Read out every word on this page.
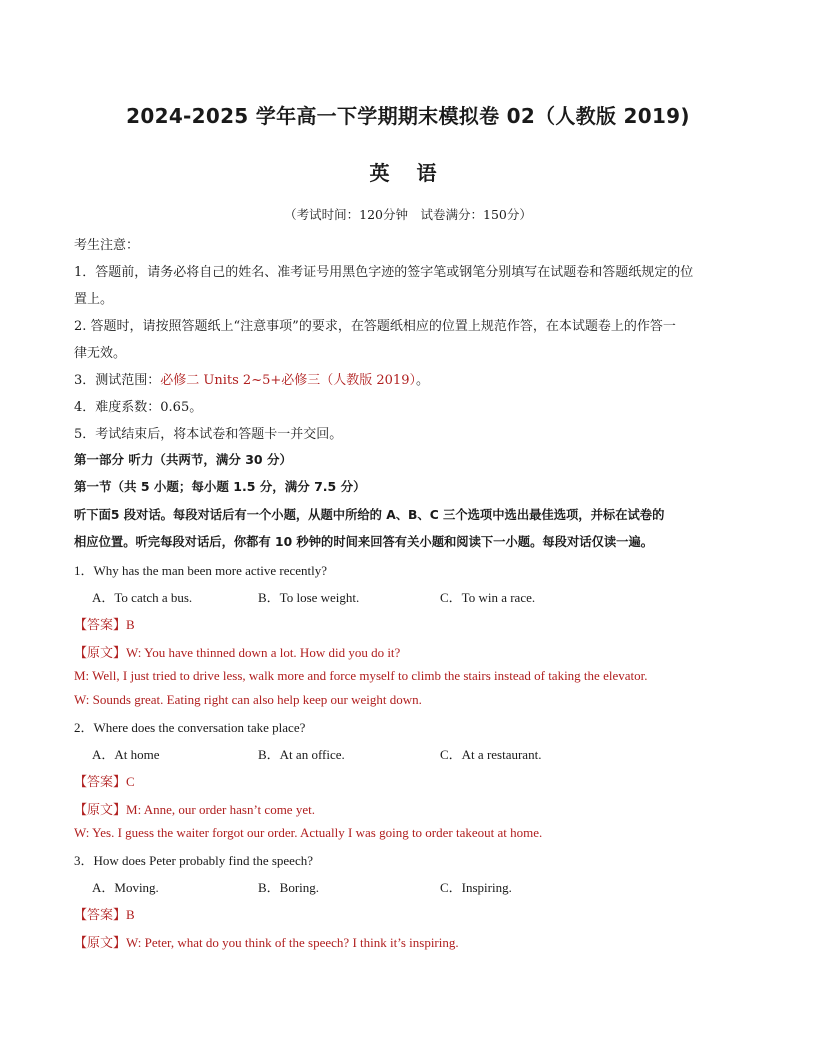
2024-2025 学年高一下学期期末模拟卷 02（人教版 2019)
英 语
（考试时间：120分钟　试卷满分：150分）
考生注意：
1．答题前，请务必将自己的姓名、准考证号用黑色字迹的签字笔或钢笔分别填写在试题卷和答题纸规定的位
置上。
2. 答题时，请按照答题纸上“注意事项”的要求，在答题纸相应的位置上规范作答，在本试题卷上的作答一
律无效。
3．测试范围：必修二 Units 2~5+必修三（人教版 2019）。
4．难度系数：0.65。
5．考试结束后，将本试卷和答题卡一并交回。
第一部分 听力（共两节，满分 30 分）
第一节（共 5 小题；每小题 1.5 分，满分 7.5 分）
听下面5 段对话。每段对话后有一个小题，从题中所给的 A、B、C 三个选项中选出最佳选项，并标在试卷的
相应位置。听完每段对话后，你都有 10 秒钟的时间来回答有关小题和阅读下一小题。每段对话仅读一遍。
1．Why has the man been more active recently?
A．To catch a bus.	B．To lose weight.	C．To win a race.
【答案】B
【原文】W: You have thinned down a lot. How did you do it?
M: Well, I just tried to drive less, walk more and force myself to climb the stairs instead of taking the elevator.
W: Sounds great. Eating right can also help keep our weight down.
2．Where does the conversation take place?
A．At home	B．At an office.	C．At a restaurant.
【答案】C
【原文】M: Anne, our order hasn’t come yet.
W: Yes. I guess the waiter forgot our order. Actually I was going to order takeout at home.
3．How does Peter probably find the speech?
A．Moving.	B．Boring.	C．Inspiring.
【答案】B
【原文】W: Peter, what do you think of the speech? I think it’s inspiring.
